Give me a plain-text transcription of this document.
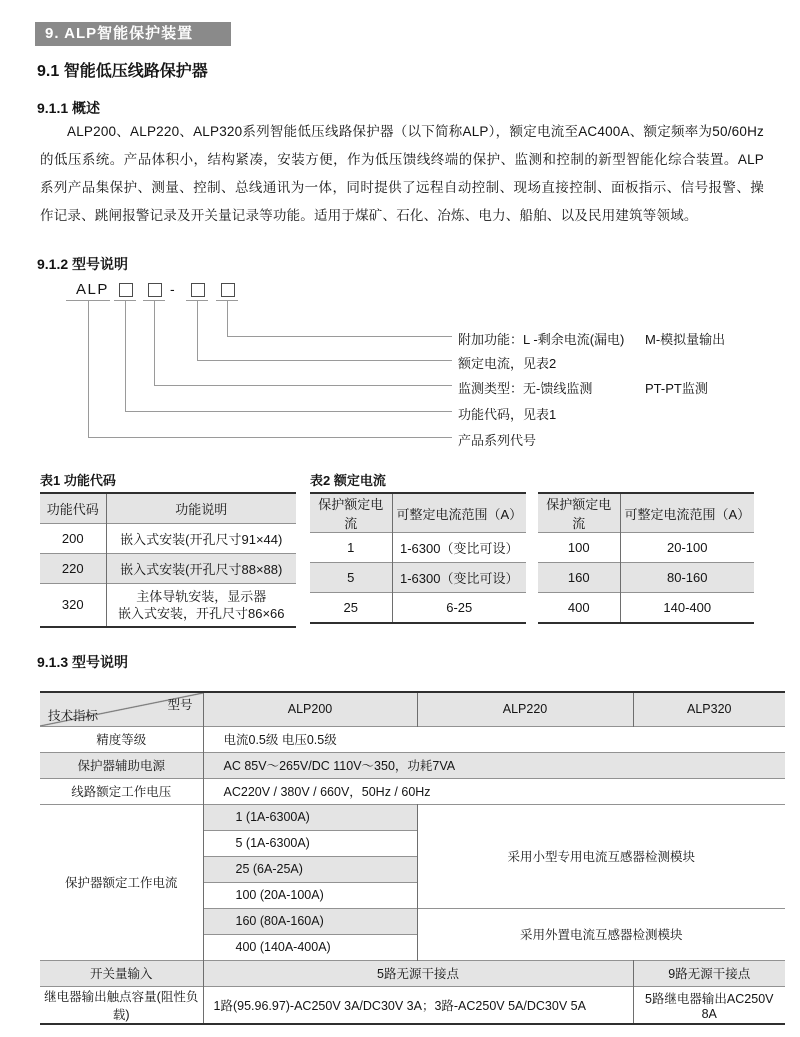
9. ALP智能保护装置
9.1 智能低压线路保护器
9.1.1 概述
ALP200、ALP220、ALP320系列智能低压线路保护器（以下简称ALP），额定电流至AC400A、额定频率为50/60Hz的低压系统。产品体积小，结构紧凑，安装方便，作为低压馈线终端的保护、监测和控制的新型智能化综合装置。ALP 系列产品集保护、测量、控制、总线通讯为一体，同时提供了远程自动控制、现场直接控制、面板指示、信号报警、操作记录、跳闸报警记录及开关量记录等功能。适用于煤矿、石化、冶炼、电力、船舶、以及民用建筑等领域。
9.1.2 型号说明
ALP	-
附加功能：L -剩余电流(漏电) M-模拟量输出
额定电流，见表2
监测类型：无-馈线监测	PT-PT监测
功能代码，见表1
产品系列代号
表1 功能代码
功能代码	功能说明
200	嵌入式安装(开孔尺寸91×44)
220	嵌入式安装(开孔尺寸88×88)
320	主体导轨安装，显示器
嵌入式安装，开孔尺寸86×66
表2 额定电流
保护额定电流	可整定电流范围（A）
1	1-6300（变比可设）
5	1-6300（变比可设）
25	6-25
保护额定电流	可整定电流范围（A）
100	20-100
160	80-160
400	140-400
9.1.3 型号说明
型号
技术指标	ALP200	ALP220	ALP320
精度等级	电流0.5级 电压0.5级		
保护器辅助电源	AC 85V～265V/DC 110V～350，功耗7VA		
线路额定工作电压	AC220V / 380V / 660V，50Hz / 60Hz		
保护器额定工作电流	1 (1A-6300A)	采用小型专用电流互感器检测模块	
	5 (1A-6300A)		
	25 (6A-25A)		
	100 (20A-100A)		
	160 (80A-160A)	采用外置电流互感器检测模块	
	400 (140A-400A)		
开关量输入	5路无源干接点		9路无源干接点
继电器输出触点容量(阻性负载)	1路(95.96.97)-AC250V 3A/DC30V 3A；3路-AC250V 5A/DC30V 5A		5路继电器输出AC250V 8A
